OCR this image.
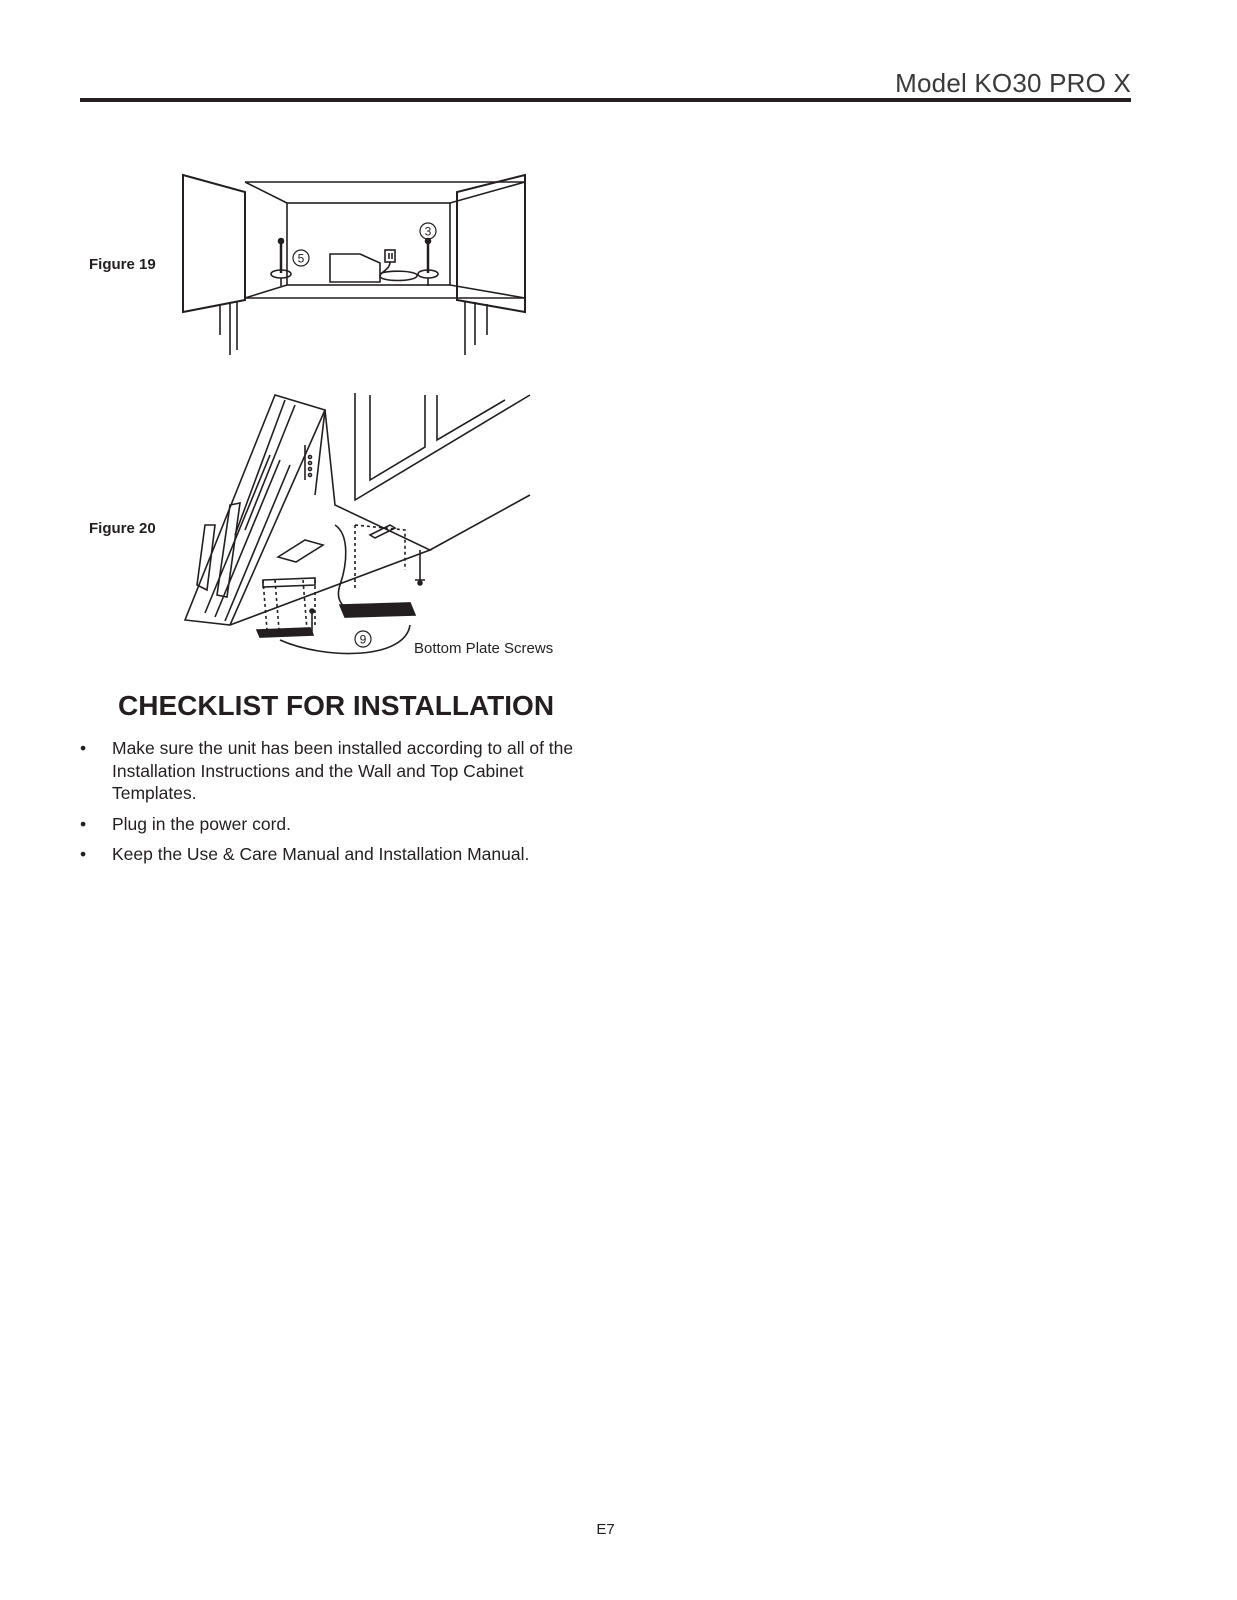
Model KO30 PRO X
Figure 19	5
3
Figure 20
9
Bottom Plate Screws
CHECKLIST FOR INSTALLATION
• Make sure the unit has been installed according to all of the Installation Instructions and the Wall and Top Cabinet Templates.
• Plug in the power cord.
• Keep the Use & Care Manual and Installation Manual.
E7
